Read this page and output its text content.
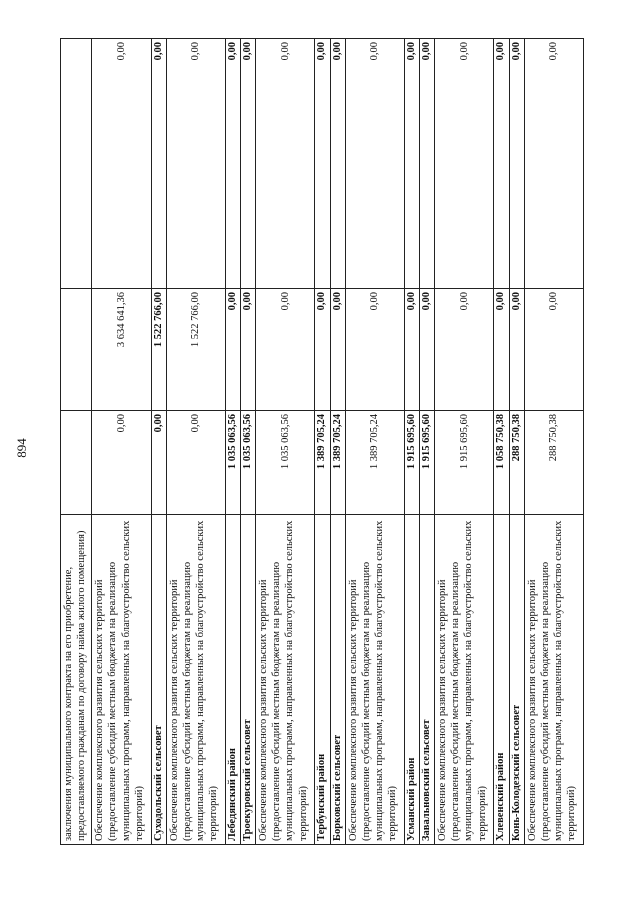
894
заключения муниципального контракта на его приобретение, предоставляемого гражданам по договору найма жилого помещения)			
Обеспечение комплексного развития сельских территорий (предоставление субсидий местным бюджетам на реализацию муниципальных программ, направленных на благоустройство сельских территорий)	0,00	3 634 641,36	0,00
Суходольский сельсовет	0,00	1 522 766,00	0,00
Обеспечение комплексного развития сельских территорий (предоставление субсидий местным бюджетам на реализацию муниципальных программ, направленных на благоустройство сельских территорий)	0,00	1 522 766,00	0,00
Лебедянский район	1 035 063,56	0,00	0,00
Троекуровский сельсовет	1 035 063,56	0,00	0,00
Обеспечение комплексного развития сельских территорий (предоставление субсидий местным бюджетам на реализацию муниципальных программ, направленных на благоустройство сельских территорий)	1 035 063,56	0,00	0,00
Тербунский район	1 389 705,24	0,00	0,00
Борковский сельсовет	1 389 705,24	0,00	0,00
Обеспечение комплексного развития сельских территорий (предоставление субсидий местным бюджетам на реализацию муниципальных программ, направленных на благоустройство сельских территорий)	1 389 705,24	0,00	0,00
Усманский район	1 915 695,60	0,00	0,00
Завальновский сельсовет	1 915 695,60	0,00	0,00
Обеспечение комплексного развития сельских территорий (предоставление субсидий местным бюджетам на реализацию муниципальных программ, направленных на благоустройство сельских территорий)	1 915 695,60	0,00	0,00
Хлевенский район	1 058 750,38	0,00	0,00
Конь-Колодезский сельсовет	288 750,38	0,00	0,00
Обеспечение комплексного развития сельских территорий (предоставление субсидий местным бюджетам на реализацию муниципальных программ, направленных на благоустройство сельских территорий)	288 750,38	0,00	0,00
